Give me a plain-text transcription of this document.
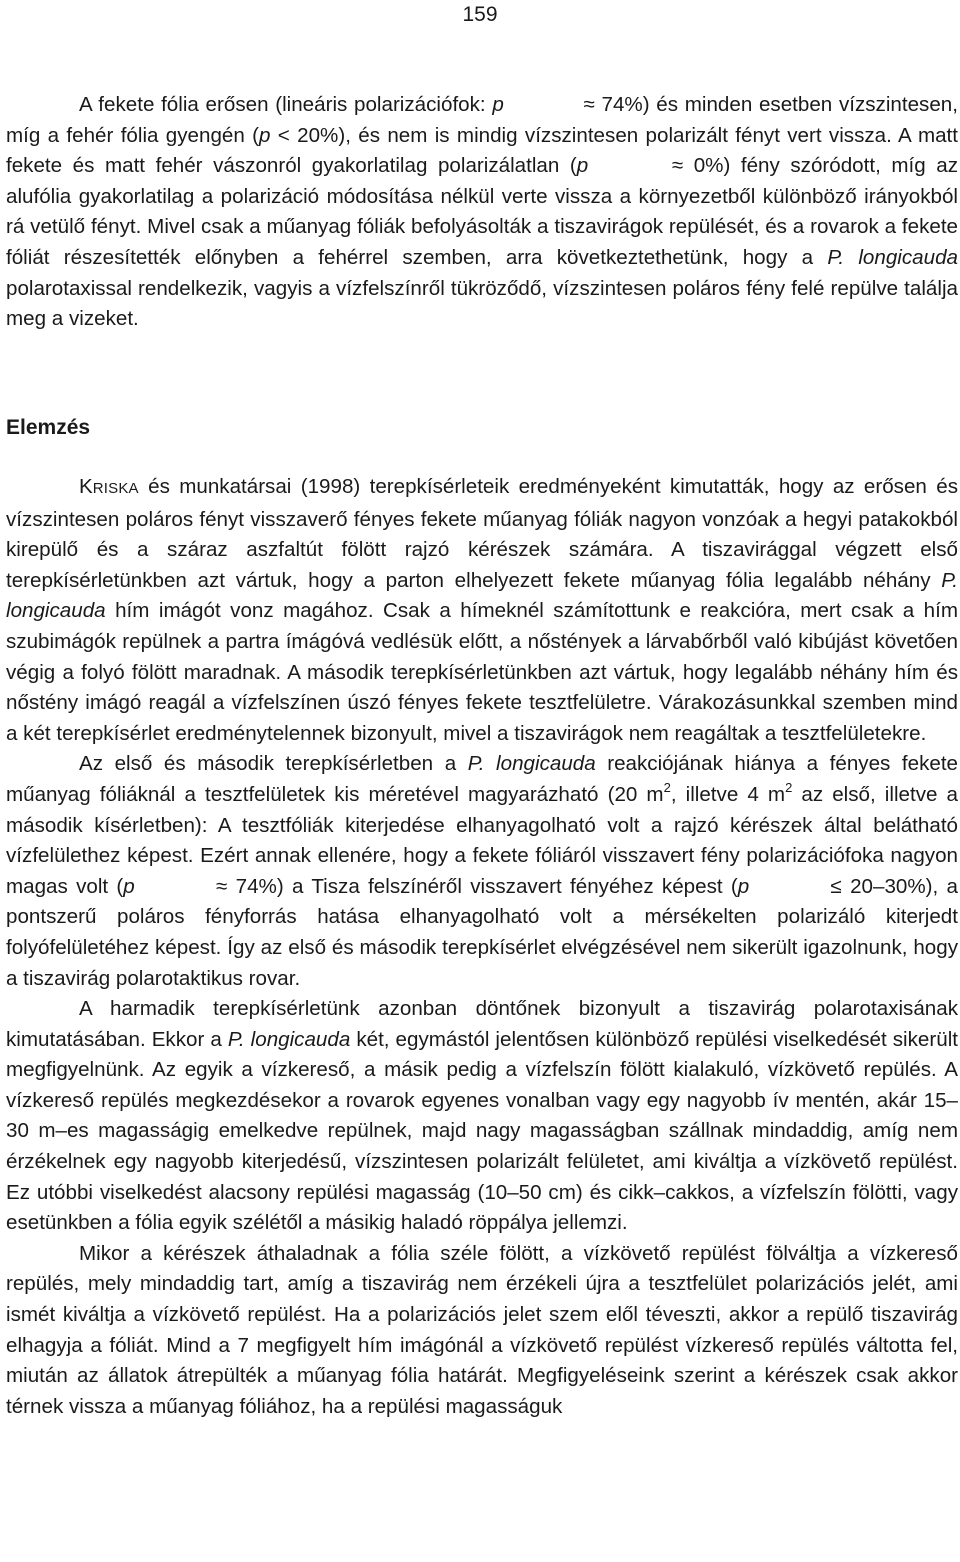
159

A fekete fólia erősen (lineáris polarizációfok: p	≈ 74%) és minden esetben vízszintesen, míg a fehér fólia gyengén (p < 20%), és nem is mindig vízszintesen polarizált fényt vert vissza. A matt fekete és matt fehér vászonról gyakorlatilag polarizálatlan (p	≈ 0%) fény szóródott, míg az alufólia gyakorlatilag a polarizáció módosítása nélkül verte vissza a környezetből különböző irányokból rá vetülő fényt. Mivel csak a műanyag fóliák befolyásolták a tiszavirágok repülését, és a rovarok a fekete fóliát részesítették előnyben a fehérrel szemben, arra következtethetünk, hogy a P. longicauda polarotaxissal rendelkezik, vagyis a vízfelszínről tükröződő, vízszintesen poláros fény felé repülve találja meg a vizeket.

Elemzés

KRISKA és munkatársai (1998) terepkísérleteik eredményeként kimutatták, hogy az erősen és vízszintesen poláros fényt visszaverő fényes fekete műanyag fóliák nagyon vonzóak a hegyi patakokból kirepülő és a száraz aszfaltút fölött rajzó kérészek számára. A tiszavirággal végzett első terepkísérletünkben azt vártuk, hogy a parton elhelyezett fekete műanyag fólia legalább néhány P. longicauda hím imágót vonz magához. Csak a hímeknél számítottunk e reakcióra, mert csak a hím szubimágók repülnek a partra ímágóvá vedlésük előtt, a nőstények a lárvabőrből való kibújást követően végig a folyó fölött maradnak. A második terepkísérletünkben azt vártuk, hogy legalább néhány hím és nőstény imágó reagál a vízfelszínen úszó fényes fekete tesztfelületre. Várakozásunkkal szemben mind a két terepkísérlet eredménytelennek bizonyult, mivel a tiszavirágok nem reagáltak a tesztfelületekre.

Az első és második terepkísérletben a P. longicauda reakciójának hiánya a fényes fekete műanyag fóliáknál a tesztfelületek kis méretével magyarázható (20 $m^2$, illetve 4 $m^2$ az első, illetve a második kísérletben): A tesztfóliák kiterjedése elhanyagolható volt a rajzó kérészek által belátható vízfelülethez képest. Ezért annak ellenére, hogy a fekete fóliáról visszavert fény polarizációfoka nagyon magas volt (p	≈ 74%) a Tisza felszínéről visszavert fényéhez képest (p	≤ 20–30%), a pontszerű poláros fényforrás hatása elhanyagolható volt a mérsékelten polarizáló kiterjedt folyófelületéhez képest. Így az első és második terepkísérlet elvégzésével nem sikerült igazolnunk, hogy a tiszavirág polarotaktikus rovar.

A harmadik terepkísérletünk azonban döntőnek bizonyult a tiszavirág polarotaxisának kimutatásában. Ekkor a P. longicauda két, egymástól jelentősen különböző repülési viselkedését sikerült megfigyelnünk. Az egyik a vízkereső, a másik pedig a vízfelszín fölött kialakuló, vízkövető repülés. A vízkereső repülés megkezdésekor a rovarok egyenes vonalban vagy egy nagyobb ív mentén, akár 15–30 m–es magasságig emelkedve repülnek, majd nagy magasságban szállnak mindaddig, amíg nem érzékelnek egy nagyobb kiterjedésű, vízszintesen polarizált felületet, ami kiváltja a vízkövető repülést. Ez utóbbi viselkedést alacsony repülési magasság (10–50 cm) és cikk–cakkos, a vízfelszín fölötti, vagy esetünkben a fólia egyik szélétől a másikig haladó röppálya jellemzi.

Mikor a kérészek áthaladnak a fólia széle fölött, a vízkövető repülést fölváltja a vízkereső repülés, mely mindaddig tart, amíg a tiszavirág nem érzékeli újra a tesztfelület polarizációs jelét, ami ismét kiváltja a vízkövető repülést. Ha a polarizációs jelet szem elől téveszti, akkor a repülő tiszavirág elhagyja a fóliát. Mind a 7 megfigyelt hím imágónál a vízkövető repülést vízkereső repülés váltotta fel, miután az állatok átrepülték a műanyag fólia határát. Megfigyeléseink szerint a kérészek csak akkor térnek vissza a műanyag fóliához, ha a repülési magasságuk
